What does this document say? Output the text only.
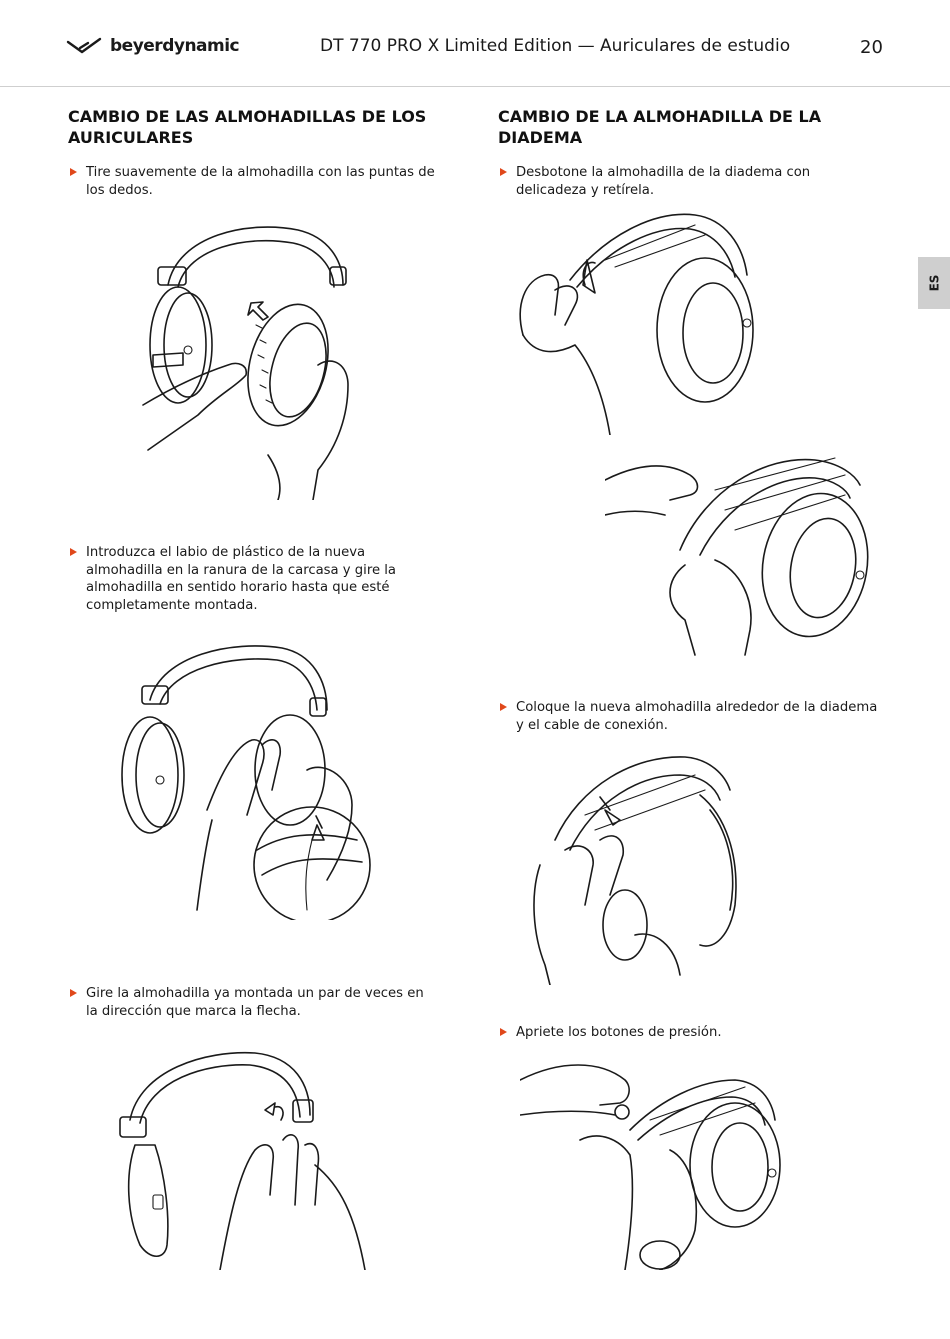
beyerdynamic	DT 770 PRO X Limited Edition — Auriculares de estudio	20
ES
CAMBIO DE LAS ALMOHADILLAS DE LOS AURICULARES
Tire suavemente de la almohadilla con las puntas de los dedos.
Introduzca el labio de plástico de la nueva almohadilla en la ranura de la carcasa y gire la almohadilla en sentido horario hasta que esté completamente montada.
Gire la almohadilla ya montada un par de veces en la dirección que marca la flecha.
CAMBIO DE LA ALMOHADILLA DE LA DIADEMA
Desbotone la almohadilla de la diadema con delicadeza y retírela.
Coloque la nueva almohadilla alrededor de la diadema y el cable de conexión.
Apriete los botones de presión.
